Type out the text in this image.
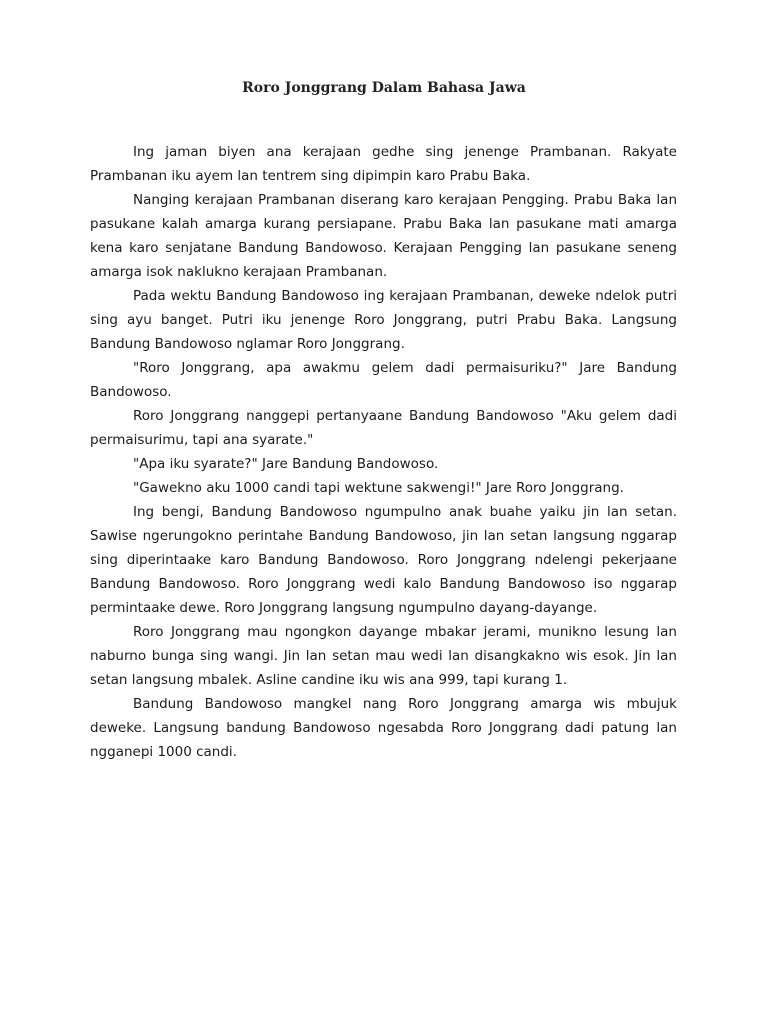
Roro Jonggrang Dalam Bahasa Jawa

Ing jaman biyen ana kerajaan gedhe sing jenenge Prambanan. Rakyate Prambanan iku ayem lan tentrem sing dipimpin karo Prabu Baka.

Nanging kerajaan Prambanan diserang karo kerajaan Pengging. Prabu Baka lan pasukane kalah amarga kurang persiapane. Prabu Baka lan pasukane mati amarga kena karo senjatane Bandung Bandowoso. Kerajaan Pengging lan pasukane seneng amarga isok naklukno kerajaan Prambanan.

Pada wektu Bandung Bandowoso ing kerajaan Prambanan, deweke ndelok putri sing ayu banget. Putri iku jenenge Roro Jonggrang, putri Prabu Baka. Langsung Bandung Bandowoso nglamar Roro Jonggrang.

"Roro Jonggrang, apa awakmu gelem dadi permaisuriku?" Jare Bandung Bandowoso.

Roro Jonggrang nanggepi pertanyaane Bandung Bandowoso "Aku gelem dadi permaisurimu, tapi ana syarate."

"Apa iku syarate?" Jare Bandung Bandowoso.

"Gawekno aku 1000 candi tapi wektune sakwengi!" Jare Roro Jonggrang.

Ing bengi, Bandung Bandowoso ngumpulno anak buahe yaiku jin lan setan. Sawise ngerungokno perintahe Bandung Bandowoso, jin lan setan langsung nggarap sing diperintaake karo Bandung Bandowoso. Roro Jonggrang ndelengi pekerjaane Bandung Bandowoso. Roro Jonggrang wedi kalo Bandung Bandowoso iso nggarap permintaake dewe. Roro Jonggrang langsung ngumpulno dayang-dayange.

Roro Jonggrang mau ngongkon dayange mbakar jerami, munikno lesung lan naburno bunga sing wangi. Jin lan setan mau wedi lan disangkakno wis esok. Jin lan setan langsung mbalek. Asline candine iku wis ana 999, tapi kurang 1.

Bandung Bandowoso mangkel nang Roro Jonggrang amarga wis mbujuk deweke. Langsung bandung Bandowoso ngesabda Roro Jonggrang dadi patung lan ngganepi 1000 candi.
